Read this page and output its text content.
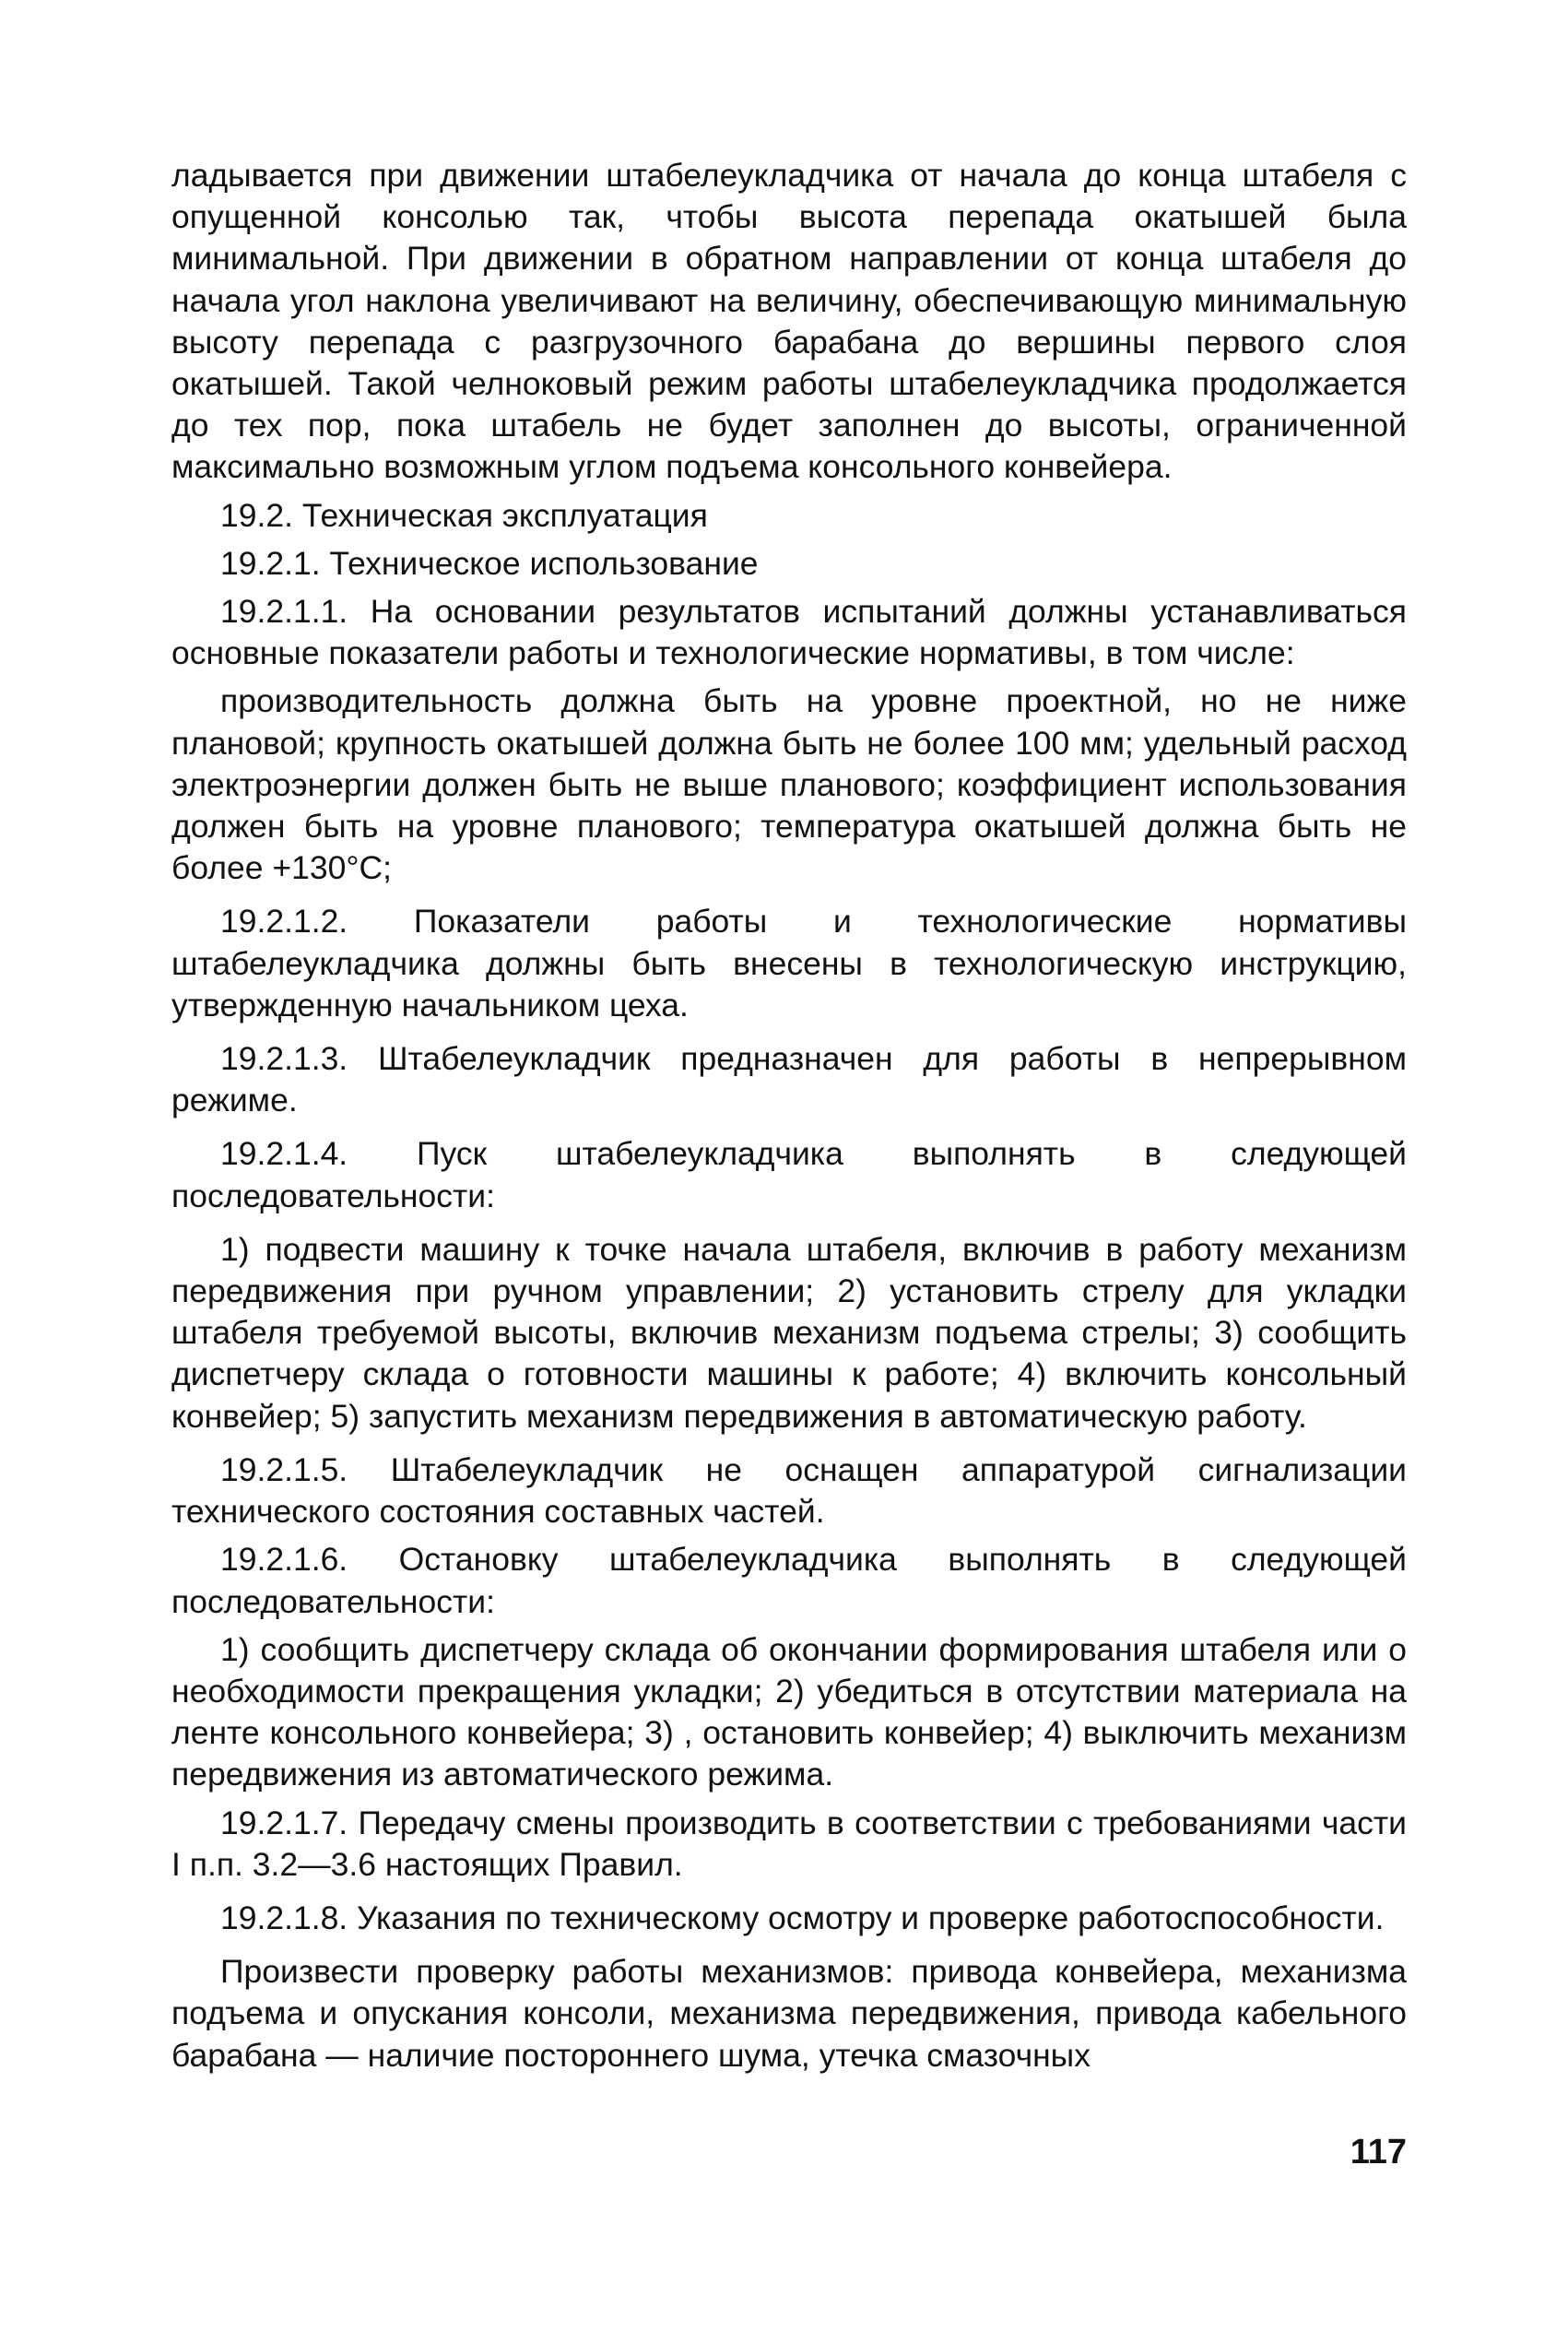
ладывается при движении штабелеукладчика от начала до конца штабеля с опущенной консолью так, чтобы высота перепада окатышей была минимальной. При движении в обратном направлении от конца штабеля до начала угол наклона увеличивают на величину, обеспечивающую минимальную высоту перепада с разгрузочного барабана до вершины первого слоя окатышей. Такой челноковый режим работы штабелеукладчика продолжается до тех пор, пока штабель не будет заполнен до высоты, ограниченной максимально возможным углом подъема консольного конвейера.

19.2. Техническая эксплуатация

19.2.1. Техническое использование

19.2.1.1. На основании результатов испытаний должны устанавливаться основные показатели работы и технологические нормативы, в том числе:

производительность должна быть на уровне проектной, но не ниже плановой; крупность окатышей должна быть не более 100 мм; удельный расход электроэнергии должен быть не выше планового; коэффициент использования должен быть на уровне планового; температура окатышей должна быть не более +130°С;

19.2.1.2. Показатели работы и технологические нормативы штабелеукладчика должны быть внесены в технологическую инструкцию, утвержденную начальником цеха.

19.2.1.3. Штабелеукладчик предназначен для работы в непрерывном режиме.

19.2.1.4. Пуск штабелеукладчика выполнять в следующей последовательности:

1) подвести машину к точке начала штабеля, включив в работу механизм передвижения при ручном управлении; 2) установить стрелу для укладки штабеля требуемой высоты, включив механизм подъема стрелы; 3) сообщить диспетчеру склада о готовности машины к работе; 4) включить консольный конвейер; 5) запустить механизм передвижения в автоматическую работу.

19.2.1.5. Штабелеукладчик не оснащен аппаратурой сигнализации технического состояния составных частей.

19.2.1.6. Остановку штабелеукладчика выполнять в следующей последовательности:

1) сообщить диспетчеру склада об окончании формирования штабеля или о необходимости прекращения укладки; 2) убедиться в отсутствии материала на ленте консольного конвейера; 3) , остановить конвейер; 4) выключить механизм передвижения из автоматического режима.

19.2.1.7. Передачу смены производить в соответствии с требованиями части I п.п. 3.2—3.6 настоящих Правил.

19.2.1.8. Указания по техническому осмотру и проверке работоспособности.

Произвести проверку работы механизмов: привода конвейера, механизма подъема и опускания консоли, механизма передвижения, привода кабельного барабана — наличие постороннего шума, утечка смазочных

117
